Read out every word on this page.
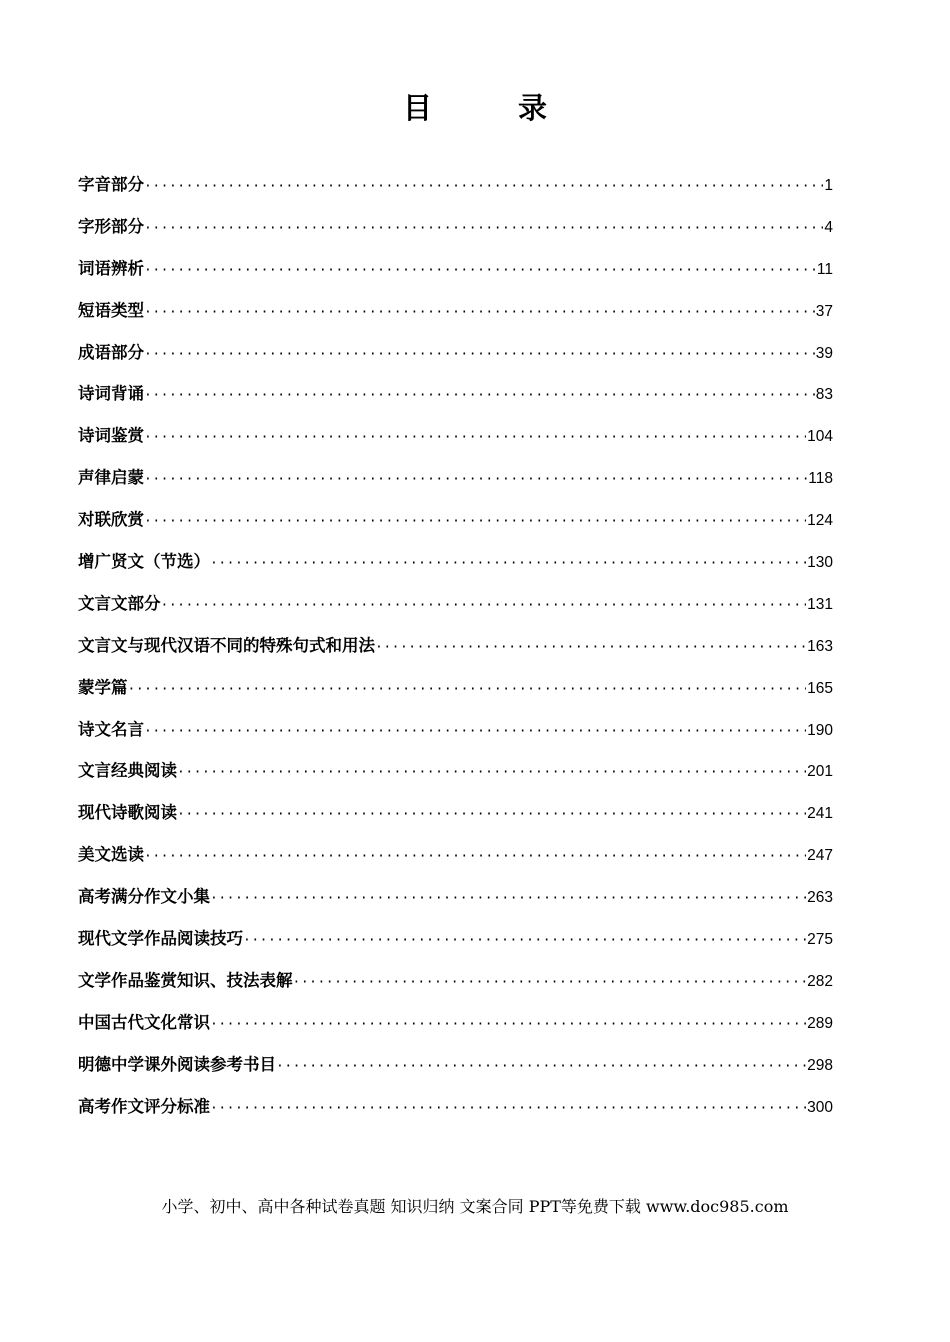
目 录
字音部分 ·····	1
字形部分 ·····	4
词语辨析 ·····	11
短语类型 ·····	37
成语部分 ·····	39
诗词背诵 ·····	83
诗词鉴赏 ·····	104
声律启蒙 ·····	118
对联欣赏 ·····	124
增广贤文（节选） ·····	130
文言文部分 ·····	131
文言文与现代汉语不同的特殊句式和用法 ·····	163
蒙学篇 ·····	165
诗文名言 ·····	190
文言经典阅读 ·····	201
现代诗歌阅读 ·····	241
美文选读 ·····	247
高考满分作文小集 ·····	263
现代文学作品阅读技巧 ·····	275
文学作品鉴赏知识、技法表解 ·····	282
中国古代文化常识 ·····	289
明德中学课外阅读参考书目 ·····	298
高考作文评分标准 ·····	300
小学、初中、高中各种试卷真题 知识归纳 文案合同 PPT等免费下载 www.doc985.com
